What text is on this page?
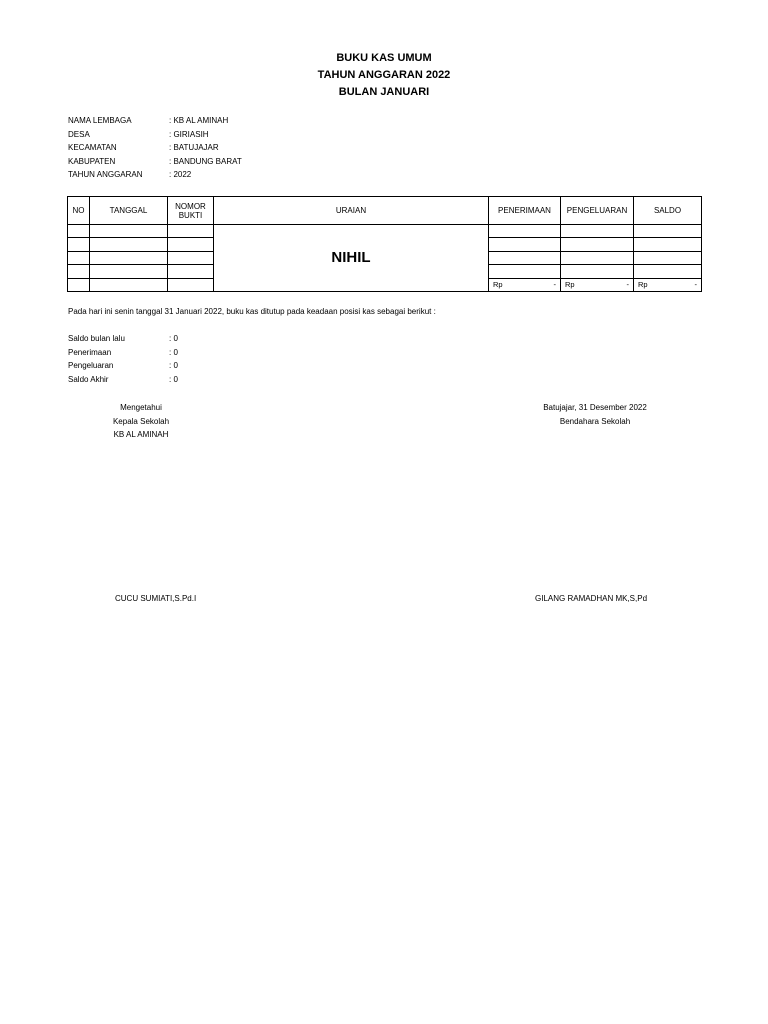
BUKU KAS UMUM
TAHUN ANGGARAN 2022
BULAN JANUARI
NAMA LEMBAGA	: KB AL AMINAH
DESA	: GIRIASIH
KECAMATAN	: BATUJAJAR
KABUPATEN	: BANDUNG BARAT
TAHUN ANGGARAN	: 2022
NO	TANGGAL	NOMOR BUKTI	URAIAN	PENERIMAAN	PENGELUARAN	SALDO
			NIHIL			

				Rp -	Rp -	Rp -
Pada hari ini senin tanggal 31 Januari 2022, buku kas ditutup pada keadaan posisi kas sebagai berikut :
Saldo bulan lalu	: 0
Penerimaan	: 0
Pengeluaran	: 0
Saldo Akhir	: 0
Mengetahui
Kepala Sekolah
KB AL AMINAH
Batujajar, 31 Desember 2022
Bendahara Sekolah
CUCU SUMIATI,S.Pd.I	GILANG RAMADHAN MK,S,Pd
